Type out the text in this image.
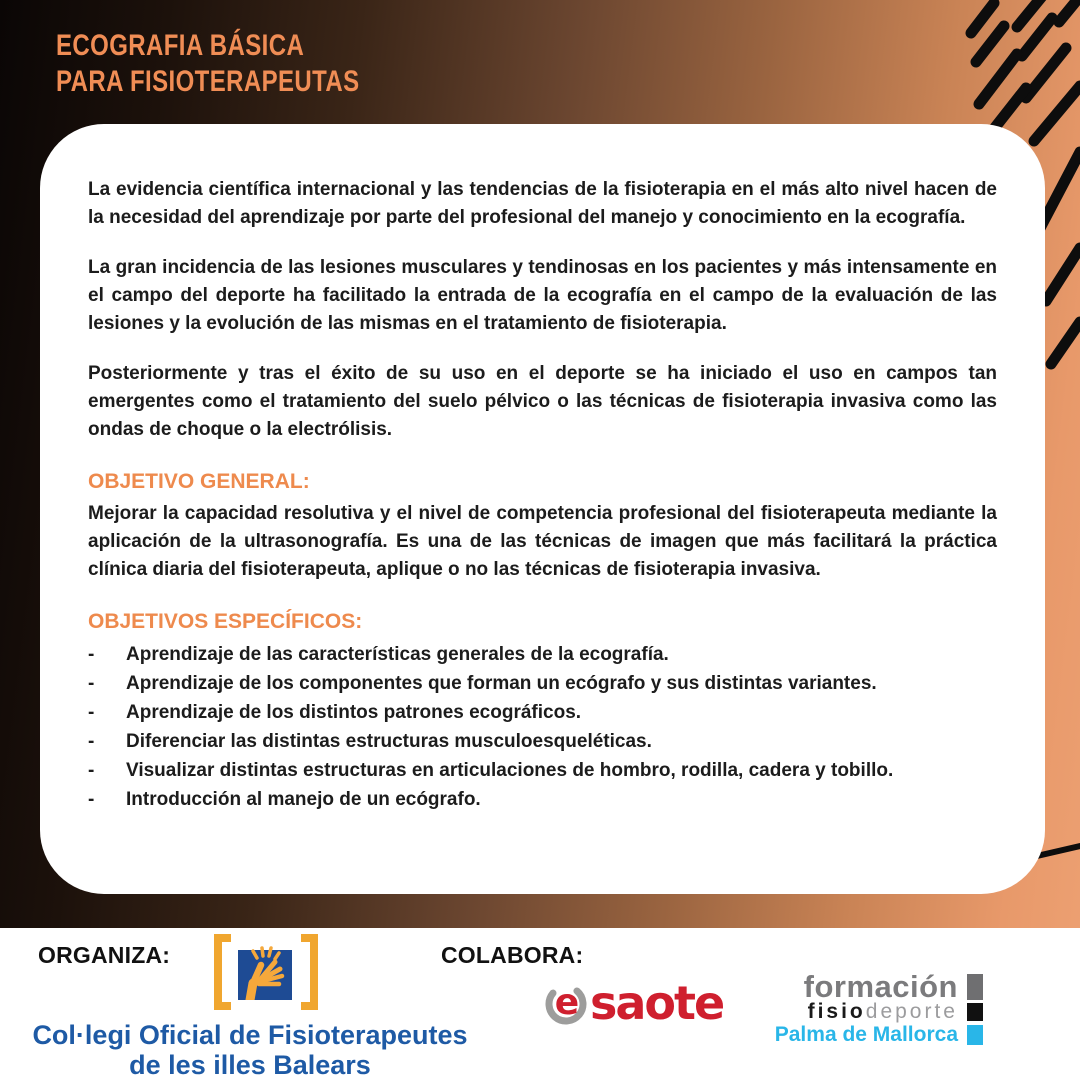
ECOGRAFIA BÁSICA
PARA FISIOTERAPEUTAS

La evidencia científica internacional y las tendencias de la fisioterapia en el más alto nivel hacen de la necesidad del aprendizaje por parte del profesional del manejo y conocimiento en la ecografía.

La gran incidencia de las lesiones musculares y tendinosas en los pacientes y más intensamente en el campo del deporte ha facilitado la entrada de la ecografía en el campo de la evaluación de las lesiones y la evolución de las mismas en el tratamiento de fisioterapia.

Posteriormente y tras el éxito de su uso en el deporte se ha iniciado el uso en campos tan emergentes como el tratamiento del suelo pélvico o las técnicas de fisioterapia invasiva como las ondas de choque o la electrólisis.

OBJETIVO GENERAL:

Mejorar la capacidad resolutiva y el nivel de competencia profesional del fisioterapeuta mediante la aplicación de la ultrasonografía. Es una de las técnicas de imagen que más facilitará la práctica clínica diaria del fisioterapeuta, aplique o no las técnicas de fisioterapia invasiva.

OBJETIVOS ESPECÍFICOS:
-	Aprendizaje de las características generales de la ecografía.
-	Aprendizaje de los componentes que forman un ecógrafo y sus distintas variantes.
-	Aprendizaje de los distintos patrones ecográficos.
-	Diferenciar las distintas estructuras musculoesqueléticas.
-	Visualizar distintas estructuras en articulaciones de hombro, rodilla, cadera y tobillo.
-	Introducción al manejo de un ecógrafo.
ORGANIZA:	COLABORA:
Col·legi Oficial de Fisioterapeutes
de les illes Balears
e saote	formación
fisiodeporte
Palma de Mallorca
